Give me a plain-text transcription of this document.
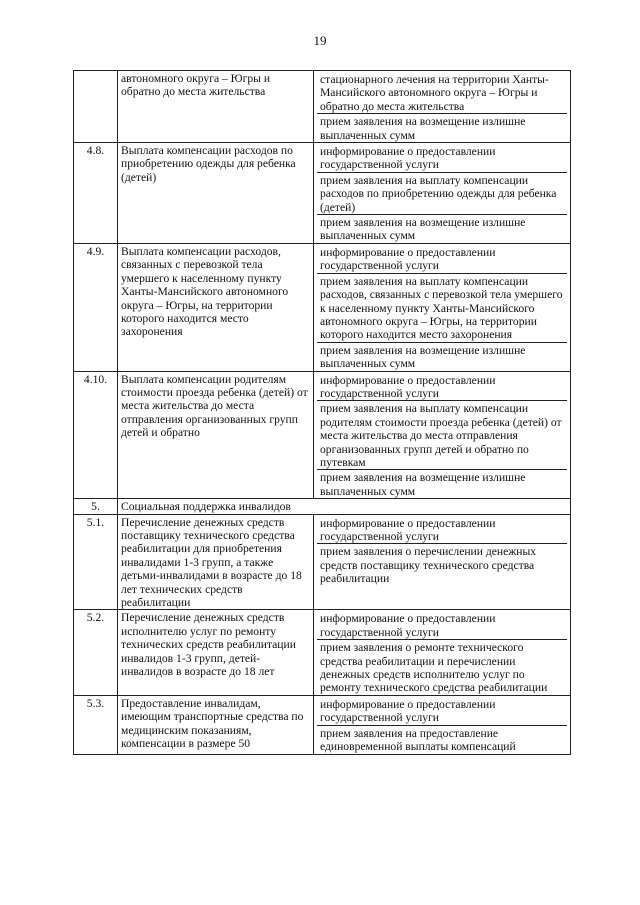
19
	автономного округа – Югры и обратно до места жительства	стационарного лечения на территории Ханты-Мансийского автономного округа – Югры и обратно до места жительства
прием заявления на возмещение излишне выплаченных сумм

4.8.	Выплата компенсации расходов по приобретению одежды для ребенка (детей)	информирование о предоставлении государственной услуги
прием заявления на выплату компенсации расходов по приобретению одежды для ребенка (детей)
прием заявления на возмещение излишне выплаченных сумм

4.9.	Выплата компенсации расходов, связанных с перевозкой тела умершего к населенному пункту Ханты-Мансийского автономного округа – Югры, на территории которого находится место захоронения	информирование о предоставлении государственной услуги
прием заявления на выплату компенсации расходов, связанных с перевозкой тела умершего к населенному пункту Ханты-Мансийского автономного округа – Югры, на территории которого находится место захоронения
прием заявления на возмещение излишне выплаченных сумм

4.10.	Выплата компенсации родителям стоимости проезда ребенка (детей) от места жительства до места отправления организованных групп детей и обратно	информирование о предоставлении государственной услуги
прием заявления на выплату компенсации родителям стоимости проезда ребенка (детей) от места жительства до места отправления организованных групп детей и обратно по путевкам
прием заявления на возмещение излишне выплаченных сумм

5.	Социальная поддержка инвалидов	
5.1.	Перечисление денежных средств поставщику технического средства реабилитации для приобретения инвалидами 1-3 групп, а также детьми-инвалидами в возрасте до 18 лет технических средств реабилитации	информирование о предоставлении государственной услуги
прием заявления о перечислении денежных средств поставщику технического средства реабилитации

5.2.	Перечисление денежных средств исполнителю услуг по ремонту технических средств реабилитации инвалидов 1-3 групп, детей-инвалидов в возрасте до 18 лет	информирование о предоставлении государственной услуги
прием заявления о ремонте технического средства реабилитации и перечислении денежных средств исполнителю услуг по ремонту технического средства реабилитации

5.3.	Предоставление инвалидам, имеющим транспортные средства по медицинским показаниям, компенсации в размере 50	информирование о предоставлении государственной услуги
прием заявления на предоставление единовременной выплаты компенсаций
